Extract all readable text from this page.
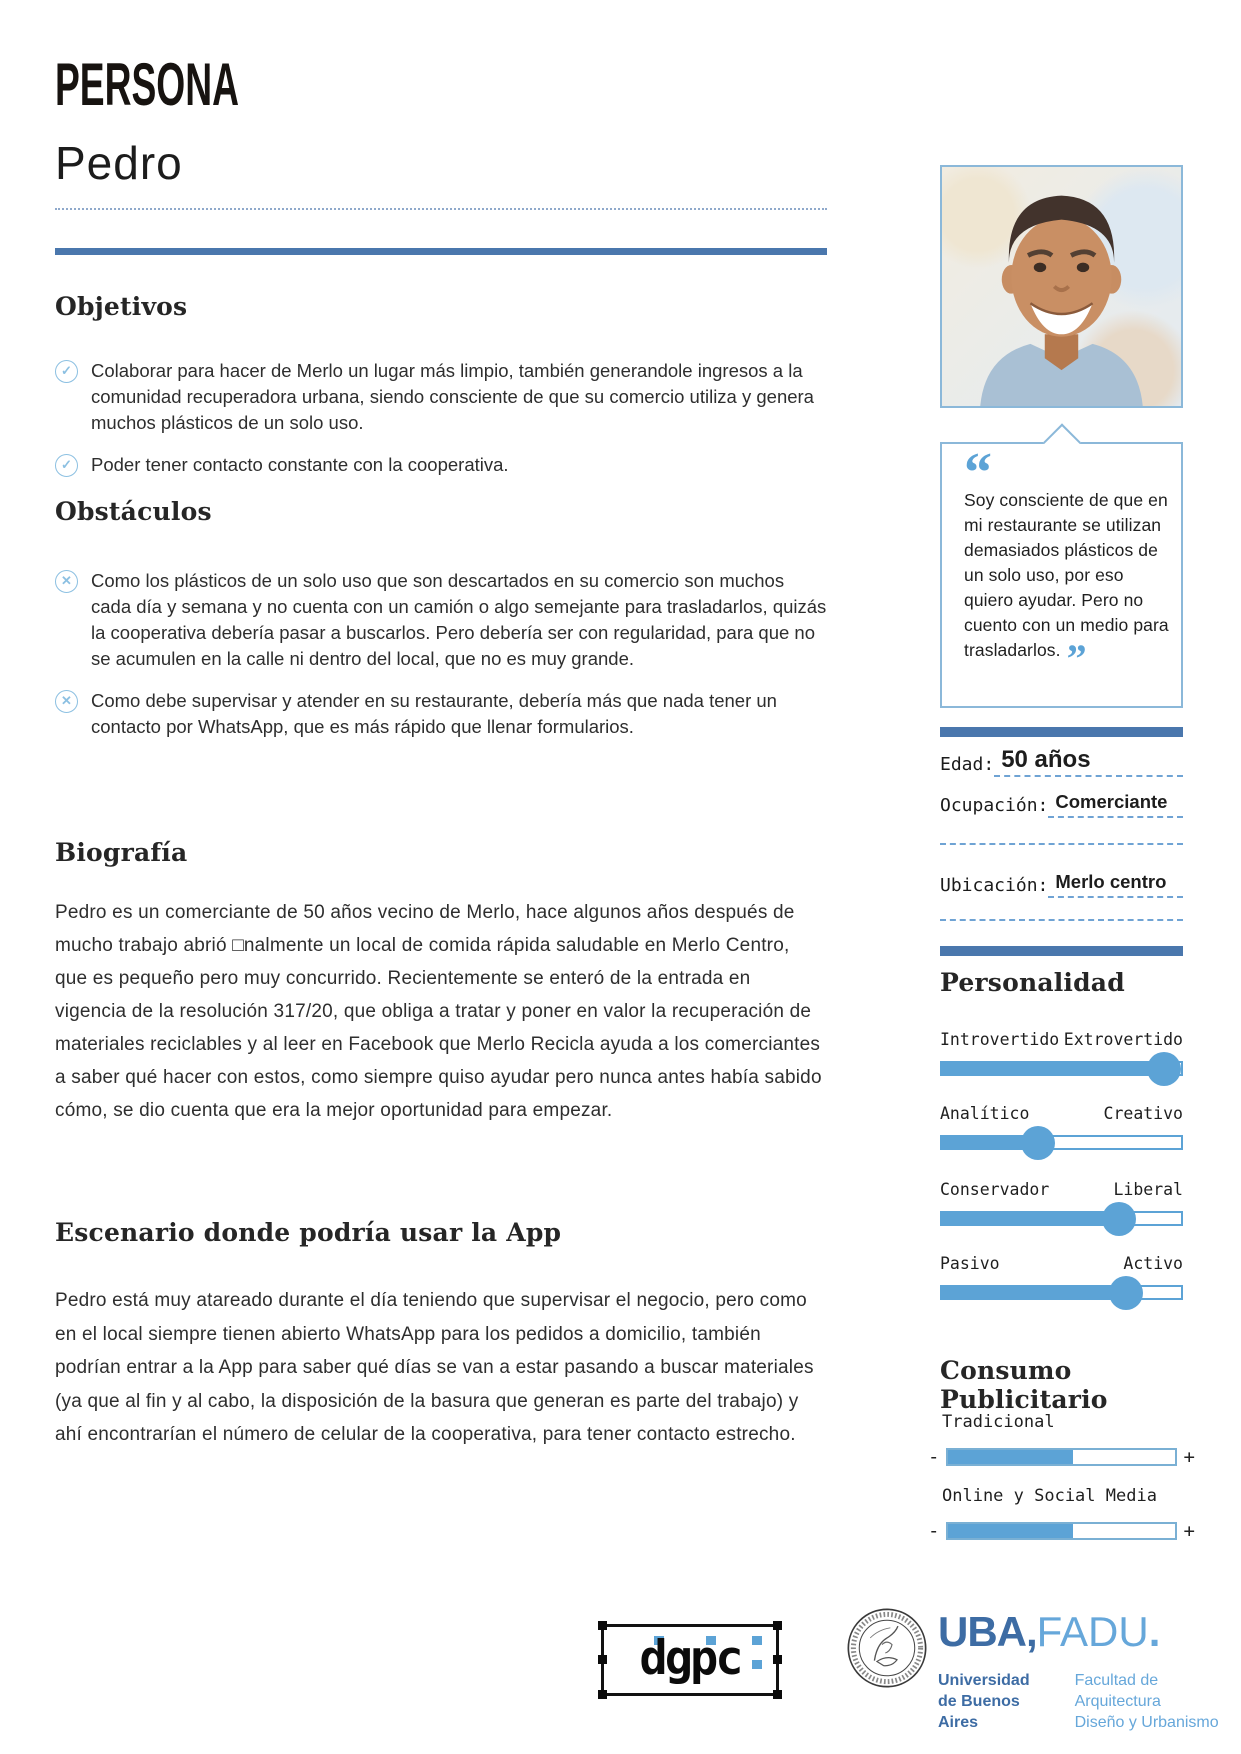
PERSONA
Pedro
Objetivos
✓	Colaborar para hacer de Merlo un lugar más limpio, también generandole ingresos a la comunidad recuperadora urbana, siendo consciente de que su comercio utiliza y genera muchos plásticos de un solo uso.
✓	Poder tener contacto constante con la cooperativa.
Obstáculos
✕	Como los plásticos de un solo uso que son descartados en su comercio son muchos cada día y semana y no cuenta con un camión o algo semejante para trasladarlos, quizás la cooperativa debería pasar a buscarlos. Pero debería ser con regularidad, para que no se acumulen en la calle ni dentro del local, que no es muy grande.
✕	Como debe supervisar y atender en su restaurante, debería más que nada tener un contacto por WhatsApp, que es más rápido que llenar formularios.
Biografía

Pedro es un comerciante de 50 años vecino de Merlo, hace algunos años después de mucho trabajo abrió □nalmente un local de comida rápida saludable en Merlo Centro, que es pequeño pero muy concurrido. Recientemente se enteró de la entrada en vigencia de la resolución 317/20, que obliga a tratar y poner en valor la recuperación de materiales reciclables y al leer en Facebook que Merlo Recicla ayuda a los comerciantes a saber qué hacer con estos, como siempre quiso ayudar pero nunca antes había sabido cómo, se dio cuenta que era la mejor oportunidad para empezar.

Escenario donde podría usar la App

Pedro está muy atareado durante el día teniendo que supervisar el negocio, pero como en el local siempre tienen abierto WhatsApp para los pedidos a domicilio, también podrían entrar a la App para saber qué días se van a estar pasando a buscar materiales (ya que al fin y al cabo, la disposición de la basura que generan es parte del trabajo) y ahí encontrarían el número de celular de la cooperativa, para tener contacto estrecho.

“
Soy consciente de que en mi restaurante se utilizan demasiados plásticos de un solo uso, por eso quiero ayudar. Pero no cuento con un medio para trasladarlos. ”
Edad: 50 años
Ocupación: Comerciante
Ubicación: Merlo centro
Personalidad
Introvertido Extrovertido
Analítico	Creativo
Conservador	Liberal
Pasivo	Activo
Consumo Publicitario
Tradicional
-	+
Online y Social Media
-	+
dgpc	UBA,FADU.
Universidad
de Buenos Aires
Facultad de Arquitectura
Diseño y Urbanismo
